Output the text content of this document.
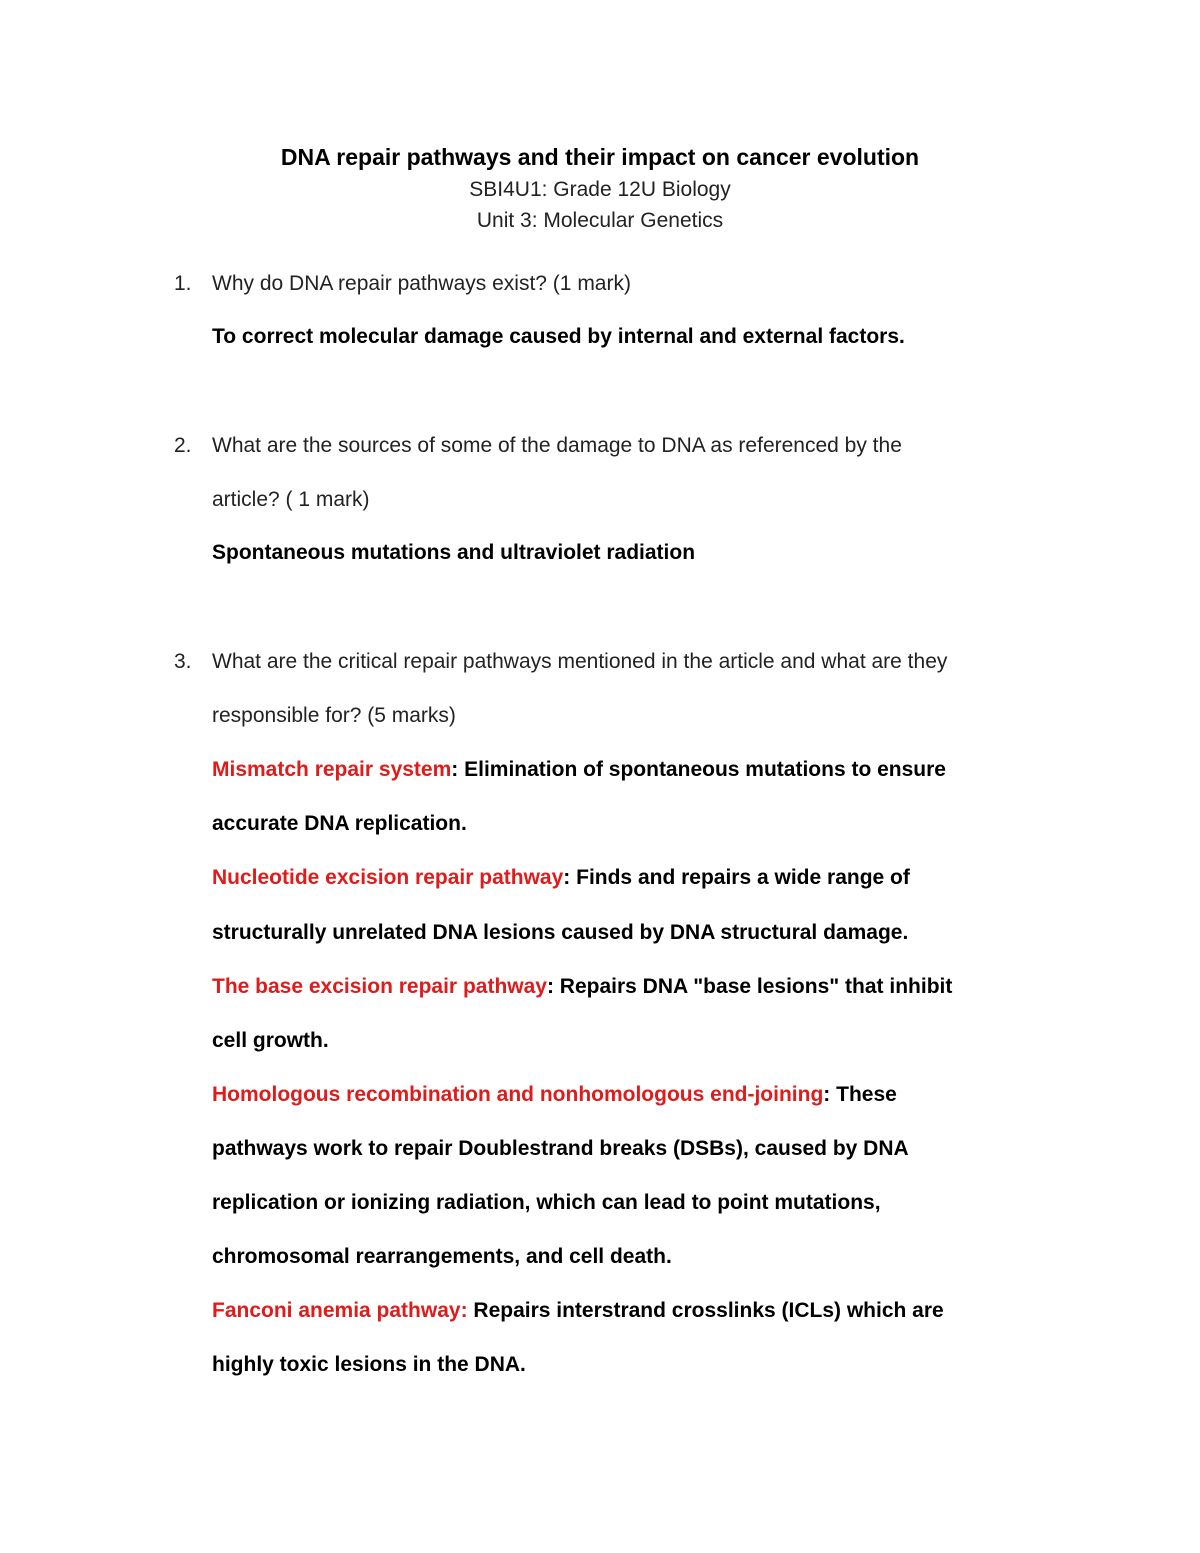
DNA repair pathways and their impact on cancer evolution
SBI4U1: Grade 12U Biology
Unit 3: Molecular Genetics
1. Why do DNA repair pathways exist? (1 mark)
To correct molecular damage caused by internal and external factors.
2. What are the sources of some of the damage to DNA as referenced by the
article? ( 1 mark)
Spontaneous mutations and ultraviolet radiation
3. What are the critical repair pathways mentioned in the article and what are they
responsible for? (5 marks)
Mismatch repair system: Elimination of spontaneous mutations to ensure
accurate DNA replication.
Nucleotide excision repair pathway: Finds and repairs a wide range of
structurally unrelated DNA lesions caused by DNA structural damage.
The base excision repair pathway: Repairs DNA "base lesions" that inhibit
cell growth.
Homologous recombination and nonhomologous end-joining: These
pathways work to repair Doublestrand breaks (DSBs), caused by DNA
replication or ionizing radiation, which can lead to point mutations,
chromosomal rearrangements, and cell death.
Fanconi anemia pathway: Repairs interstrand crosslinks (ICLs) which are
highly toxic lesions in the DNA.
